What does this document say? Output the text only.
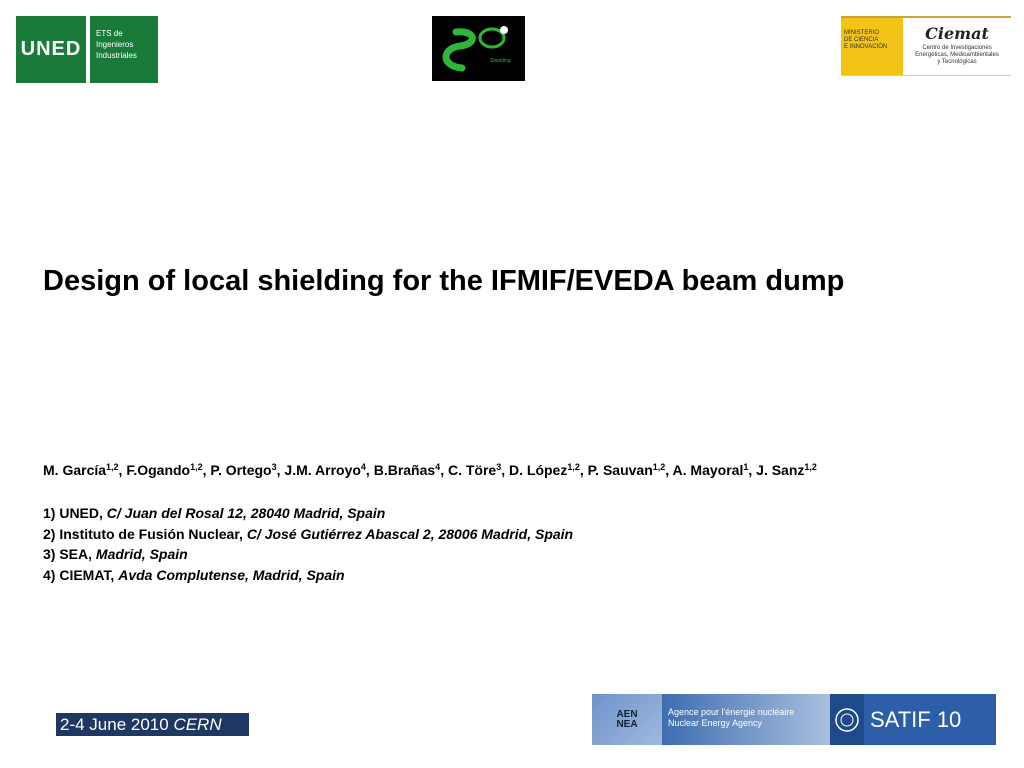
UNED
ETS de
Ingenieros
Industriales
Shielding
MINISTERIO
DE CIENCIA
E INNOVACIÓN
Ciemat
Centro de Investigaciones
Energéticas, Medioambientales
y Tecnológicas
Design of local shielding for the IFMIF/EVEDA beam dump
M. García$^{1,2}$, F.Ogando$^{1,2}$, P. Ortego$^3$, J.M. Arroyo$^4$, B.Brañas$^4$, C. Töre$^3$, D. López$^{1,2}$, P. Sauvan$^{1,2}$, A. Mayoral$^1$, J. Sanz$^{1,2}$
1) UNED, C/ Juan del Rosal 12, 28040 Madrid, Spain
2) Instituto de Fusión Nuclear, C/ José Gutiérrez Abascal 2, 28006 Madrid, Spain
3) SEA, Madrid, Spain
4) CIEMAT, Avda Complutense, Madrid, Spain
2-4 June 2010 CERN
AEN
NEA
Agence pour l'énergie nucléaire
Nuclear Energy Agency	SATIF 10
